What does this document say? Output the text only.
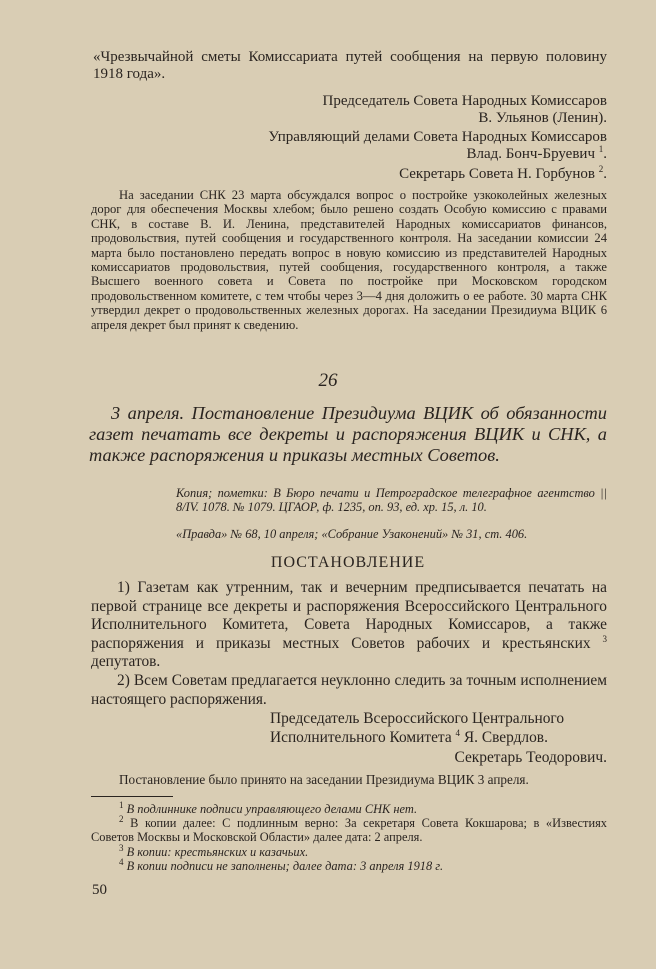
«Чрезвычайной сметы Комиссариата путей сообщения на первую половину 1918 года».

Председатель Совета Народных Комиссаров
В. Ульянов (Ленин).
Управляющий делами Совета Народных Комиссаров
Влад. Бонч-Бруевич $^1$.
Секретарь Совета Н. Горбунов $^2$.

На заседании СНК 23 марта обсуждался вопрос о постройке узкоколейных железных дорог для обеспечения Москвы хлебом; было решено создать Особую комиссию с правами СНК, в составе В. И. Ленина, представителей Народных комиссариатов финансов, продовольствия, путей сообщения и государственного контроля. На заседании комиссии 24 марта было постановлено передать вопрос в новую комиссию из представителей Народных комиссариатов продовольствия, путей сообщения, государственного контроля, а также Высшего военного совета и Совета по постройке при Московском городском продовольственном комитете, с тем чтобы через 3—4 дня доложить о ее работе. 30 марта СНК утвердил декрет о продовольственных железных дорогах. На заседании Президиума ВЦИК 6 апреля декрет был принят к сведению.

26

3 апреля. Постановление Президиума ВЦИК об обязанности газет печатать все декреты и распоряжения ВЦИК и СНК, а также распоряжения и приказы местных Советов.

Копия; пометки: В Бюро печати и Петроградское телеграфное агентство || 8/IV. 1078. № 1079. ЦГАОР, ф. 1235, оп. 93, ед. хр. 15, л. 10.

«Правда» № 68, 10 апреля; «Собрание Узаконений» № 31, ст. 406.

ПОСТАНОВЛЕНИЕ

1) Газетам как утренним, так и вечерним предписывается печатать на первой странице все декреты и распоряжения Всероссийского Центрального Исполнительного Комитета, Совета Народных Комиссаров, а также распоряжения и приказы местных Советов рабочих и крестьянских $^3$ депутатов.

2) Всем Советам предлагается неуклонно следить за точным исполнением настоящего распоряжения.

Председатель Всероссийского Центрального
Исполнительного Комитета $^4$ Я. Свердлов.
Секретарь Теодорович.
Постановление было принято на заседании Президиума ВЦИК 3 апреля.
$^1$ В подлиннике подписи управляющего делами СНК нет.
$^2$ В копии далее: С подлинным верно: За секретаря Совета Кокшарова; в «Известиях Советов Москвы и Московской Области» далее дата: 2 апреля.
$^3$ В копии: крестьянских и казачьих.
$^4$ В копии подписи не заполнены; далее дата: 3 апреля 1918 г.
50
